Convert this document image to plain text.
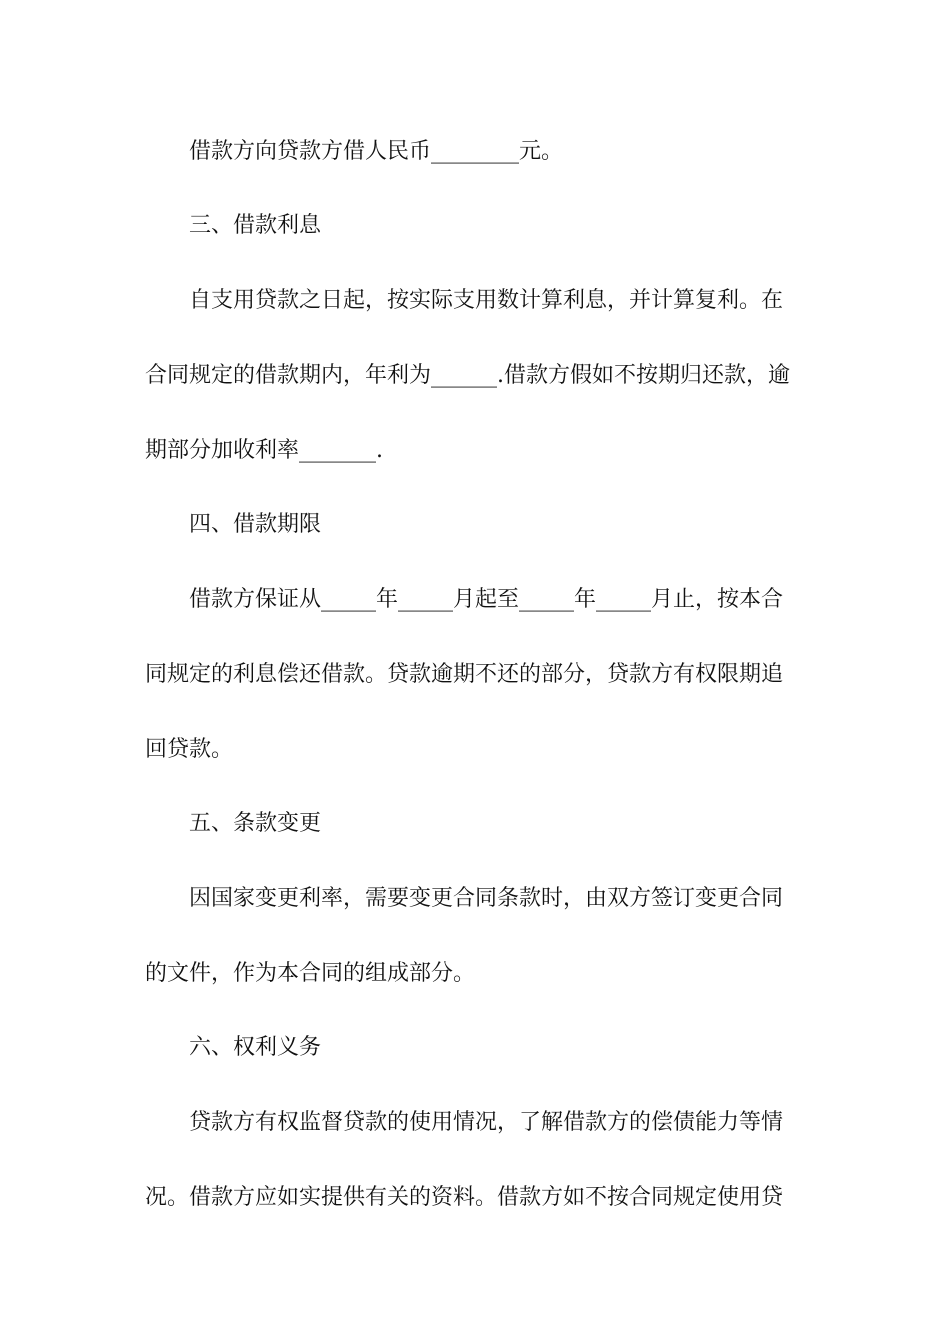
借款方向贷款方借人民币________元。
三、借款利息
自支用贷款之日起，按实际支用数计算利息，并计算复利。在
合同规定的借款期内，年利为______.借款方假如不按期归还款，逾
期部分加收利率_______.
四、借款期限
借款方保证从_____年_____月起至_____年_____月止，按本合
同规定的利息偿还借款。贷款逾期不还的部分，贷款方有权限期追
回贷款。
五、条款变更
因国家变更利率，需要变更合同条款时，由双方签订变更合同
的文件，作为本合同的组成部分。
六、权利义务
贷款方有权监督贷款的使用情况，了解借款方的偿债能力等情
况。借款方应如实提供有关的资料。借款方如不按合同规定使用贷
